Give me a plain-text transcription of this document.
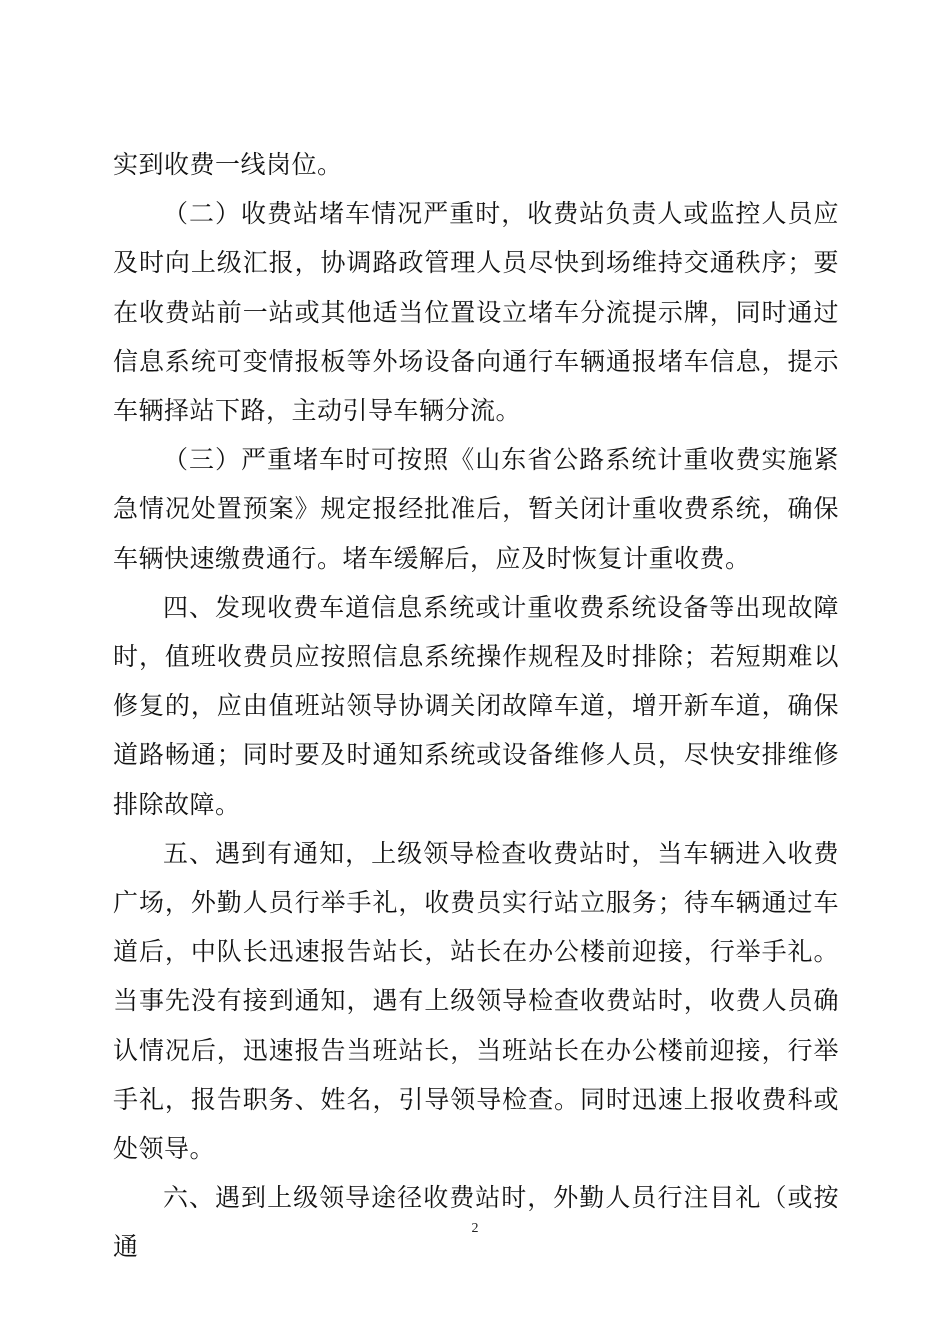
实到收费一线岗位。

（二）收费站堵车情况严重时，收费站负责人或监控人员应及时向上级汇报，协调路政管理人员尽快到场维持交通秩序；要在收费站前一站或其他适当位置设立堵车分流提示牌，同时通过信息系统可变情报板等外场设备向通行车辆通报堵车信息，提示车辆择站下路，主动引导车辆分流。

（三）严重堵车时可按照《山东省公路系统计重收费实施紧急情况处置预案》规定报经批准后，暂关闭计重收费系统，确保车辆快速缴费通行。堵车缓解后，应及时恢复计重收费。

四、发现收费车道信息系统或计重收费系统设备等出现故障时，值班收费员应按照信息系统操作规程及时排除；若短期难以修复的，应由值班站领导协调关闭故障车道，增开新车道，确保道路畅通；同时要及时通知系统或设备维修人员，尽快安排维修排除故障。

五、遇到有通知，上级领导检查收费站时，当车辆进入收费广场，外勤人员行举手礼，收费员实行站立服务；待车辆通过车道后，中队长迅速报告站长，站长在办公楼前迎接，行举手礼。当事先没有接到通知，遇有上级领导检查收费站时，收费人员确认情况后，迅速报告当班站长，当班站长在办公楼前迎接，行举手礼，报告职务、姓名，引导领导检查。同时迅速上报收费科或处领导。

六、遇到上级领导途径收费站时，外勤人员行注目礼（或按通

2
